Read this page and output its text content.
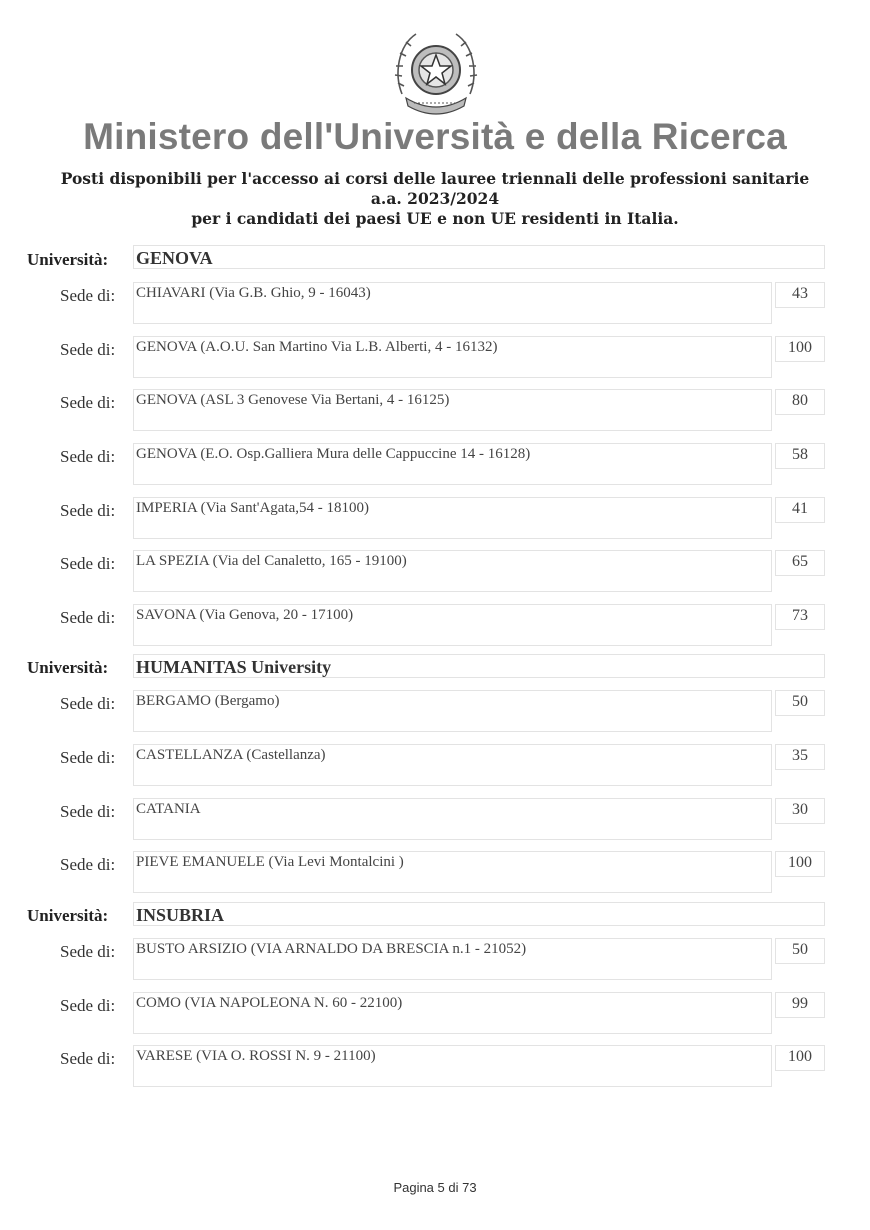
Ministero dell'Università e della Ricerca
Posti disponibili per l'accesso ai corsi delle lauree triennali delle professioni sanitarie
a.a. 2023/2024
per i candidati dei paesi UE e non UE residenti in Italia.
Università:	GENOVA
Sede di:	CHIAVARI (Via G.B. Ghio, 9 - 16043)	43
Sede di:	GENOVA (A.O.U. San Martino Via L.B. Alberti, 4 - 16132)	100
Sede di:	GENOVA (ASL 3 Genovese Via Bertani, 4 - 16125)	80
Sede di:	GENOVA (E.O. Osp.Galliera Mura delle Cappuccine 14 - 16128)	58
Sede di:	IMPERIA (Via Sant'Agata,54 - 18100)	41
Sede di:	LA SPEZIA (Via del Canaletto, 165 - 19100)	65
Sede di:	SAVONA (Via Genova, 20 - 17100)	73
Università:	HUMANITAS University
Sede di:	BERGAMO (Bergamo)	50
Sede di:	CASTELLANZA (Castellanza)	35
Sede di:	CATANIA	30
Sede di:	PIEVE EMANUELE (Via Levi Montalcini )	100
Università:	INSUBRIA
Sede di:	BUSTO ARSIZIO (VIA ARNALDO DA BRESCIA n.1 - 21052)	50
Sede di:	COMO (VIA NAPOLEONA N. 60 - 22100)	99
Sede di:	VARESE (VIA O. ROSSI N. 9 - 21100)	100
Pagina 5 di 73
